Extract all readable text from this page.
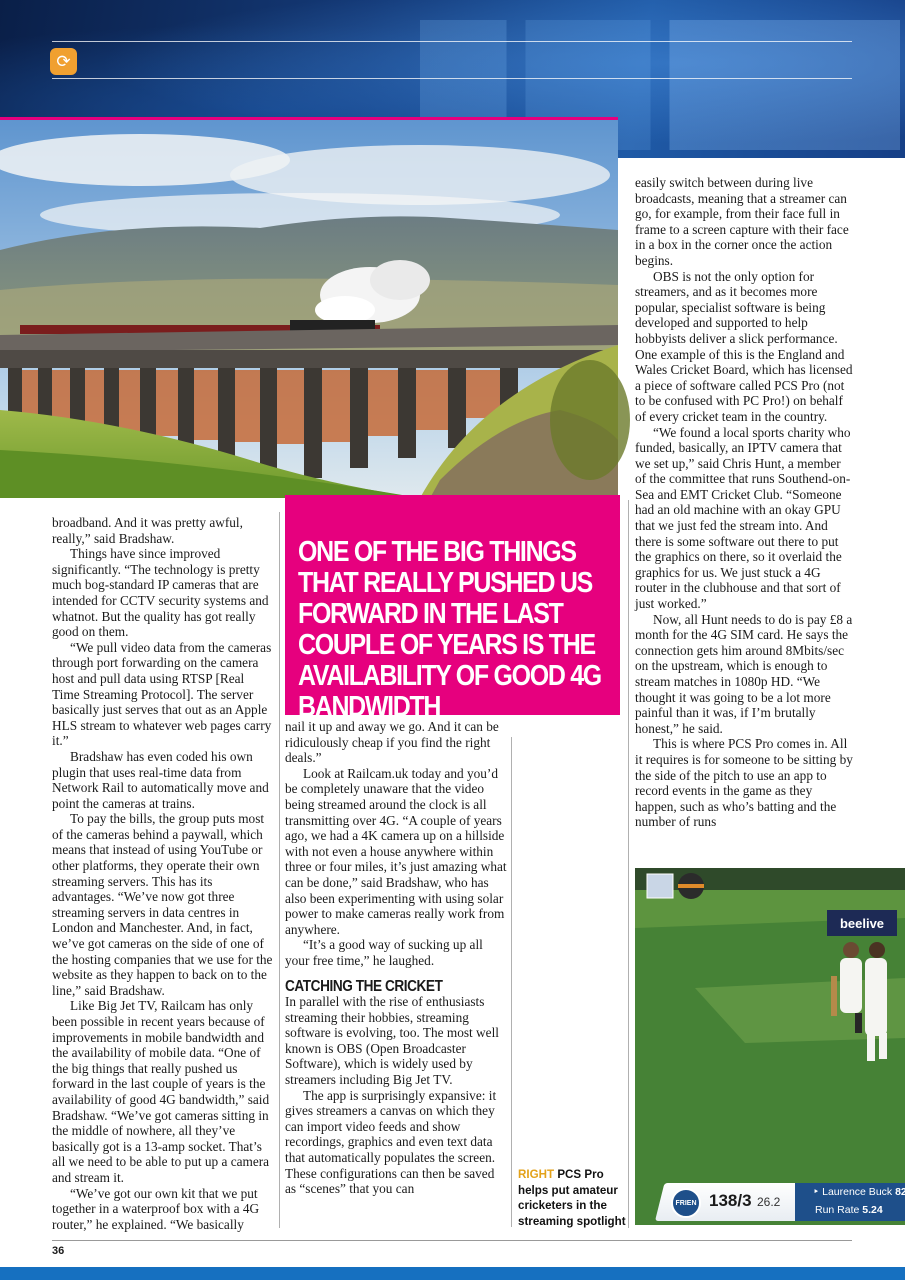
⟳

ONE OF THE BIG THINGS THAT REALLY PUSHED US FORWARD IN THE LAST COUPLE OF YEARS IS THE AVAILABILITY OF GOOD 4G BANDWIDTH

broadband. And it was pretty awful, really,” said Bradshaw.

Things have since improved significantly. “The technology is pretty much bog-standard IP cameras that are intended for CCTV security systems and whatnot. But the quality has got really good on them.

“We pull video data from the cameras through port forwarding on the camera host and pull data using RTSP [Real Time Streaming Protocol]. The server basically just serves that out as an Apple HLS stream to whatever web pages carry it.”

Bradshaw has even coded his own plugin that uses real-time data from Network Rail to automatically move and point the cameras at trains.

To pay the bills, the group puts most of the cameras behind a paywall, which means that instead of using YouTube or other platforms, they operate their own streaming servers. This has its advantages. “We’ve now got three streaming servers in data centres in London and Manchester. And, in fact, we’ve got cameras on the side of one of the hosting companies that we use for the website as they happen to back on to the line,” said Bradshaw.

Like Big Jet TV, Railcam has only been possible in recent years because of improvements in mobile bandwidth and the availability of mobile data. “One of the big things that really pushed us forward in the last couple of years is the availability of good 4G bandwidth,” said Bradshaw. “We’ve got cameras sitting in the middle of nowhere, all they’ve basically got is a 13-amp socket. That’s all we need to be able to put up a camera and stream it.

“We’ve got our own kit that we put together in a waterproof box with a 4G router,” he explained. “We basically

nail it up and away we go. And it can be ridiculously cheap if you find the right deals.”

Look at Railcam.uk today and you’d be completely unaware that the video being streamed around the clock is all transmitting over 4G. “A couple of years ago, we had a 4K camera up on a hillside with not even a house anywhere within three or four miles, it’s just amazing what can be done,” said Bradshaw, who has also been experimenting with using solar power to make cameras really work from anywhere.

“It’s a good way of sucking up all your free time,” he laughed.

CATCHING THE CRICKET

In parallel with the rise of enthusiasts streaming their hobbies, streaming software is evolving, too. The most well known is OBS (Open Broadcaster Software), which is widely used by streamers including Big Jet TV.

The app is surprisingly expansive: it gives streamers a canvas on which they can import video feeds and show recordings, graphics and even text data that automatically populates the screen. These configurations can then be saved as “scenes” that you can

easily switch between during live broadcasts, meaning that a streamer can go, for example, from their face full in frame to a screen capture with their face in a box in the corner once the action begins.

OBS is not the only option for streamers, and as it becomes more popular, specialist software is being developed and supported to help hobbyists deliver a slick performance. One example of this is the England and Wales Cricket Board, which has licensed a piece of software called PCS Pro (not to be confused with PC Pro!) on behalf of every cricket team in the country.

“We found a local sports charity who funded, basically, an IPTV camera that we set up,” said Chris Hunt, a member of the committee that runs Southend-on-Sea and EMT Cricket Club. “Someone had an old machine with an okay GPU that we just fed the stream into. And there is some software out there to put the graphics on there, so it overlaid the graphics for us. We just stuck a 4G router in the clubhouse and that sort of just worked.”

Now, all Hunt needs to do is pay £8 a month for the 4G SIM card. He says the connection gets him around 8Mbits/sec on the upstream, which is enough to stream matches in 1080p HD. “We thought it was going to be a lot more painful than it was, if I’m brutally honest,” he said.

This is where PCS Pro comes in. All it requires is for someone to be sitting by the side of the pitch to use an app to record events in the game as they happen, such as who’s batting and the number of runs

RIGHT PCS Pro helps put amateur cricketers in the streaming spotlight
beelive
FRIEN 138/3 26.2
‣ Laurence Buck 82
Run Rate 5.24
36
